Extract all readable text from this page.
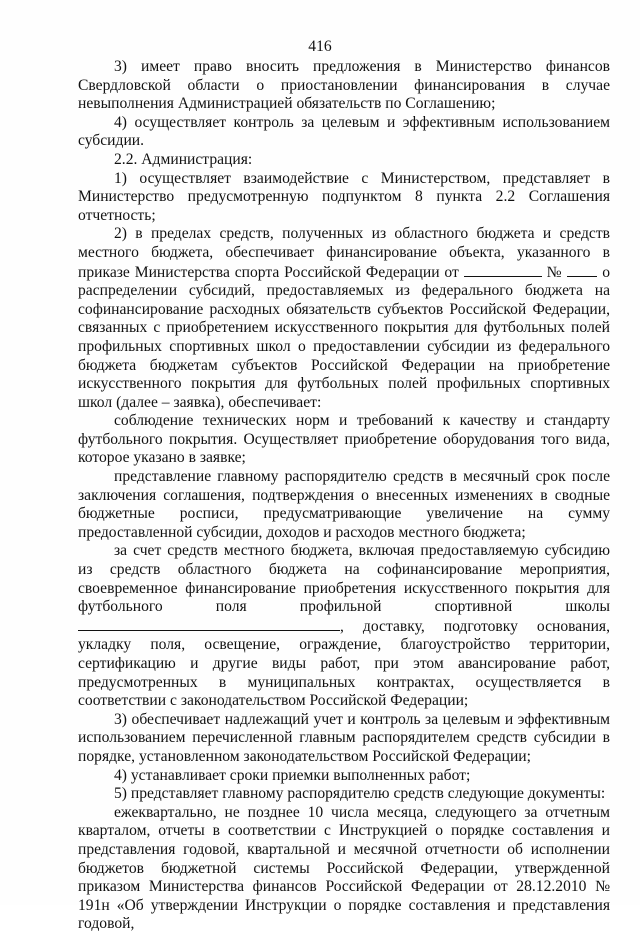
416

3) имеет право вносить предложения в Министерство финансов Свердловской области о приостановлении финансирования в случае невыполнения Администрацией обязательств по Соглашению;

4) осуществляет контроль за целевым и эффективным использованием субсидии.

2.2. Администрация:

1) осуществляет взаимодействие с Министерством, представляет в Министерство предусмотренную подпунктом 8 пункта 2.2 Соглашения отчетность;

2) в пределах средств, полученных из областного бюджета и средств местного бюджета, обеспечивает финансирование объекта, указанного в приказе Министерства спорта Российской Федерации от	№	о распределении субсидий, предоставляемых из федерального бюджета на софинансирование расходных обязательств субъектов Российской Федерации, связанных с приобретением искусственного покрытия для футбольных полей профильных спортивных школ о предоставлении субсидии из федерального бюджета бюджетам субъектов Российской Федерации на приобретение искусственного покрытия для футбольных полей профильных спортивных школ (далее – заявка), обеспечивает:

соблюдение технических норм и требований к качеству и стандарту футбольного покрытия. Осуществляет приобретение оборудования того вида, которое указано в заявке;

представление главному распорядителю средств в месячный срок после заключения соглашения, подтверждения о внесенных изменениях в сводные бюджетные росписи, предусматривающие увеличение на сумму предоставленной субсидии, доходов и расходов местного бюджета;

за счет средств местного бюджета, включая предоставляемую субсидию из средств областного бюджета на софинансирование мероприятия, своевременное финансирование приобретения искусственного покрытия для футбольного поля профильной спортивной школы , доставку, подготовку основания, укладку поля, освещение, ограждение, благоустройство территории, сертификацию и другие виды работ, при этом авансирование работ, предусмотренных в муниципальных контрактах, осуществляется в соответствии с законодательством Российской Федерации;

3) обеспечивает надлежащий учет и контроль за целевым и эффективным использованием перечисленной главным распорядителем средств субсидии в порядке, установленном законодательством Российской Федерации;

4) устанавливает сроки приемки выполненных работ;

5) представляет главному распорядителю средств следующие документы:

ежеквартально, не позднее 10 числа месяца, следующего за отчетным кварталом, отчеты в соответствии с Инструкцией о порядке составления и представления годовой, квартальной и месячной отчетности об исполнении бюджетов бюджетной системы Российской Федерации, утвержденной приказом Министерства финансов Российской Федерации от 28.12.2010 № 191н «Об утверждении Инструкции о порядке составления и представления годовой,
